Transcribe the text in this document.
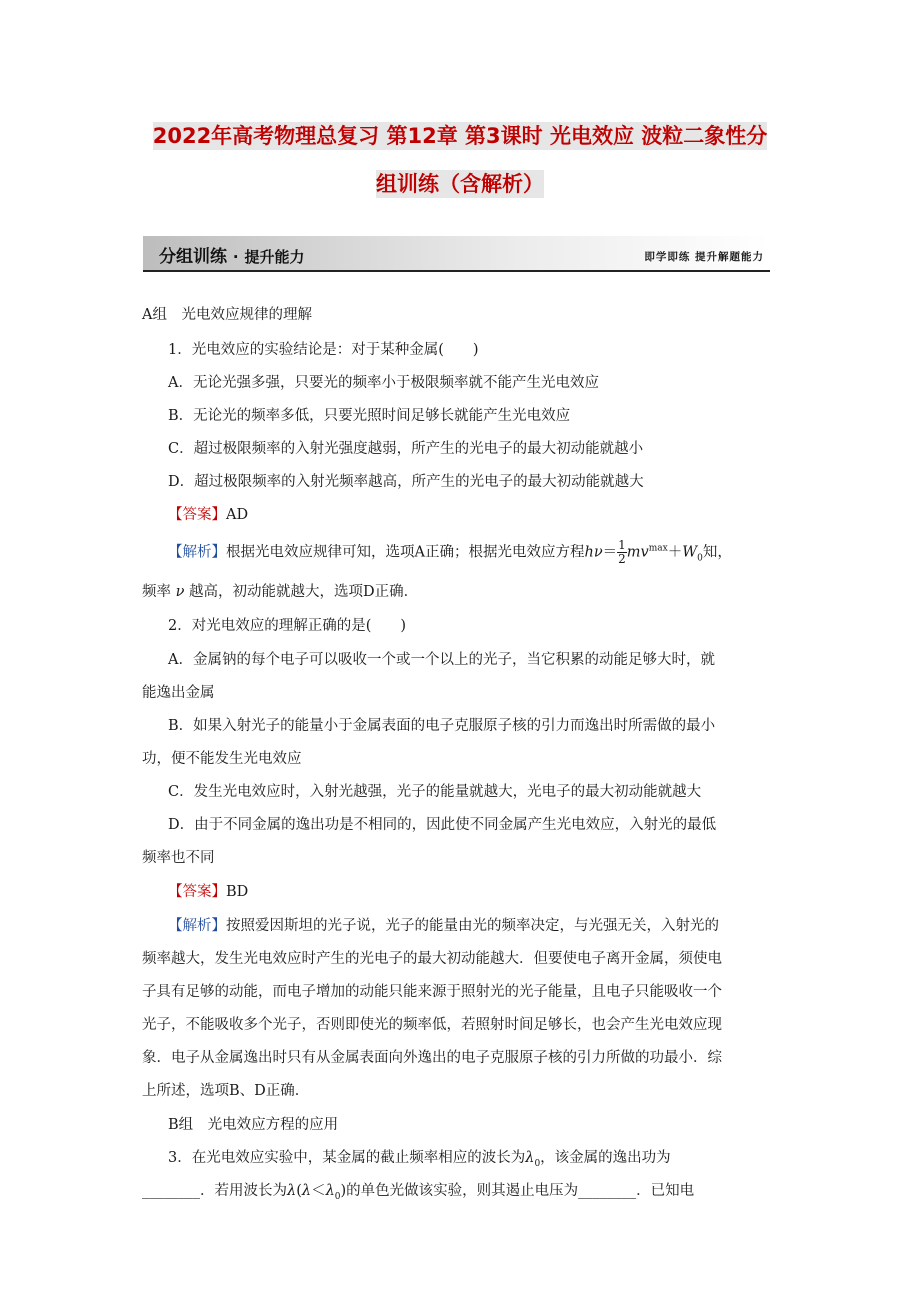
2022年高考物理总复习 第12章 第3课时 光电效应 波粒二象性分
组训练（含解析）
分组训练 · 提升能力	即学即练 提升解题能力
A组　光电效应规律的理解
1．光电效应的实验结论是：对于某种金属(　　)
A．无论光强多强，只要光的频率小于极限频率就不能产生光电效应
B．无论光的频率多低，只要光照时间足够长就能产生光电效应
C．超过极限频率的入射光强度越弱，所产生的光电子的最大初动能就越小
D．超过极限频率的入射光频率越高，所产生的光电子的最大初动能就越大
【答案】AD
【解析】根据光电效应规律可知，选项A正确；根据光电效应方程$h\nu= \frac{1}{2} mv^{max}+W_0$知，
频率 ν 越高，初动能就越大，选项D正确．
2．对光电效应的理解正确的是(　　)
A．金属钠的每个电子可以吸收一个或一个以上的光子，当它积累的动能足够大时，就
能逸出金属
B．如果入射光子的能量小于金属表面的电子克服原子核的引力而逸出时所需做的最小
功，便不能发生光电效应
C．发生光电效应时，入射光越强，光子的能量就越大，光电子的最大初动能就越大
D．由于不同金属的逸出功是不相同的，因此使不同金属产生光电效应，入射光的最低
频率也不同
【答案】BD
【解析】按照爱因斯坦的光子说，光子的能量由光的频率决定，与光强无关，入射光的
频率越大，发生光电效应时产生的光电子的最大初动能越大．但要使电子离开金属，须使电
子具有足够的动能，而电子增加的动能只能来源于照射光的光子能量，且电子只能吸收一个
光子，不能吸收多个光子，否则即使光的频率低，若照射时间足够长，也会产生光电效应现
象．电子从金属逸出时只有从金属表面向外逸出的电子克服原子核的引力所做的功最小．综
上所述，选项B、D正确．
B组　光电效应方程的应用
3．在光电效应实验中，某金属的截止频率相应的波长为$\lambda_0$，该金属的逸出功为
________．若用波长为$\lambda(\lambda<\lambda_0)$的单色光做该实验，则其遏止电压为________．已知电
